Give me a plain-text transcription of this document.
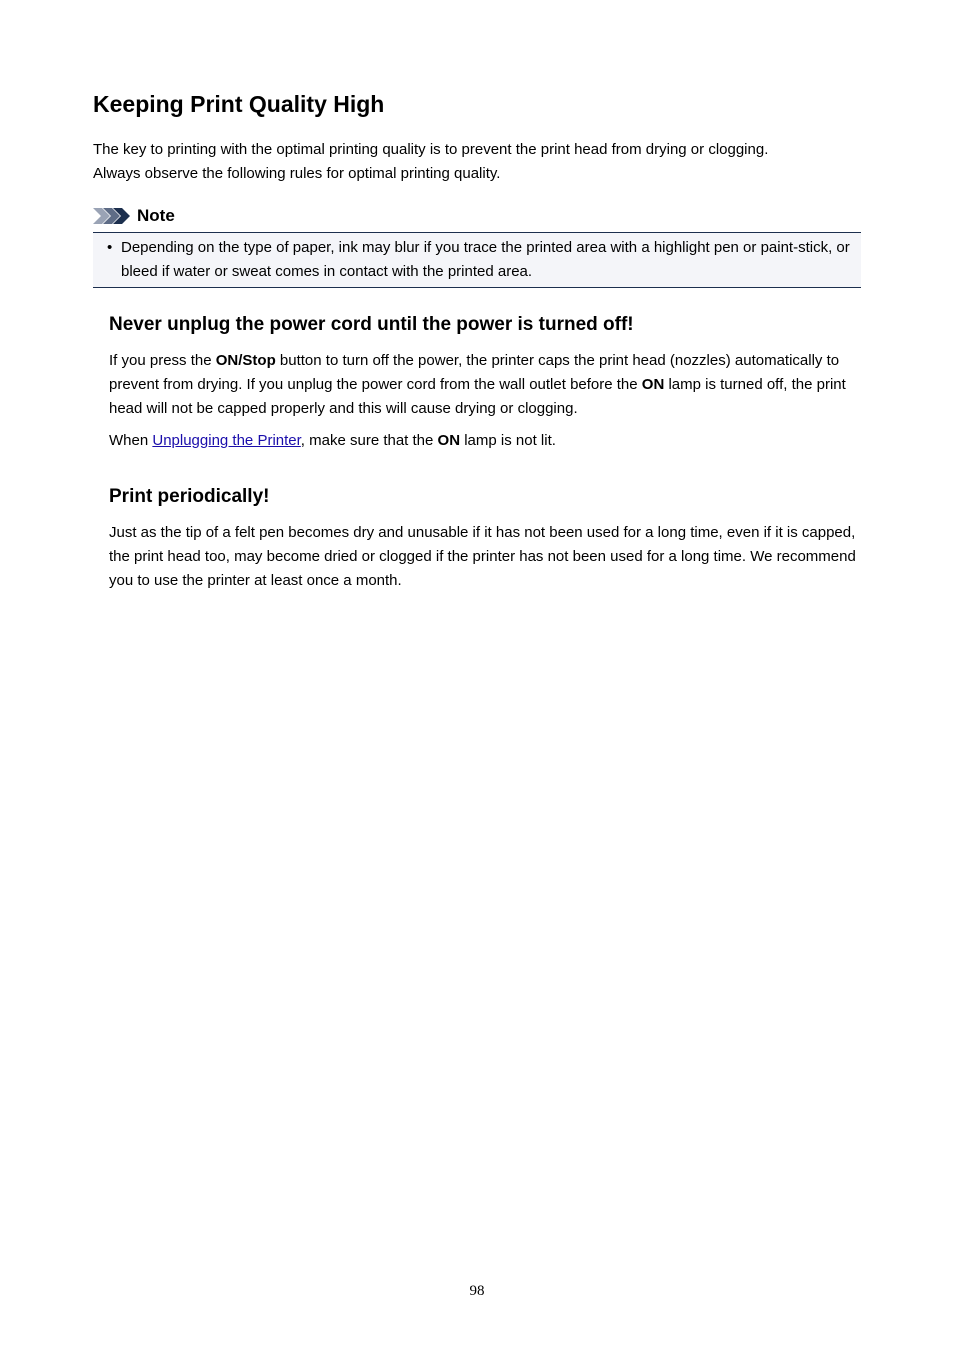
Keeping Print Quality High
The key to printing with the optimal printing quality is to prevent the print head from drying or clogging.
Always observe the following rules for optimal printing quality.
Note
• Depending on the type of paper, ink may blur if you trace the printed area with a highlight pen or paint-stick, or bleed if water or sweat comes in contact with the printed area.
Never unplug the power cord until the power is turned off!

If you press the ON/Stop button to turn off the power, the printer caps the print head (nozzles) automatically to prevent from drying. If you unplug the power cord from the wall outlet before the ON lamp is turned off, the print head will not be capped properly and this will cause drying or clogging.

When Unplugging the Printer, make sure that the ON lamp is not lit.

Print periodically!

Just as the tip of a felt pen becomes dry and unusable if it has not been used for a long time, even if it is capped, the print head too, may become dried or clogged if the printer has not been used for a long time. We recommend you to use the printer at least once a month.

98
